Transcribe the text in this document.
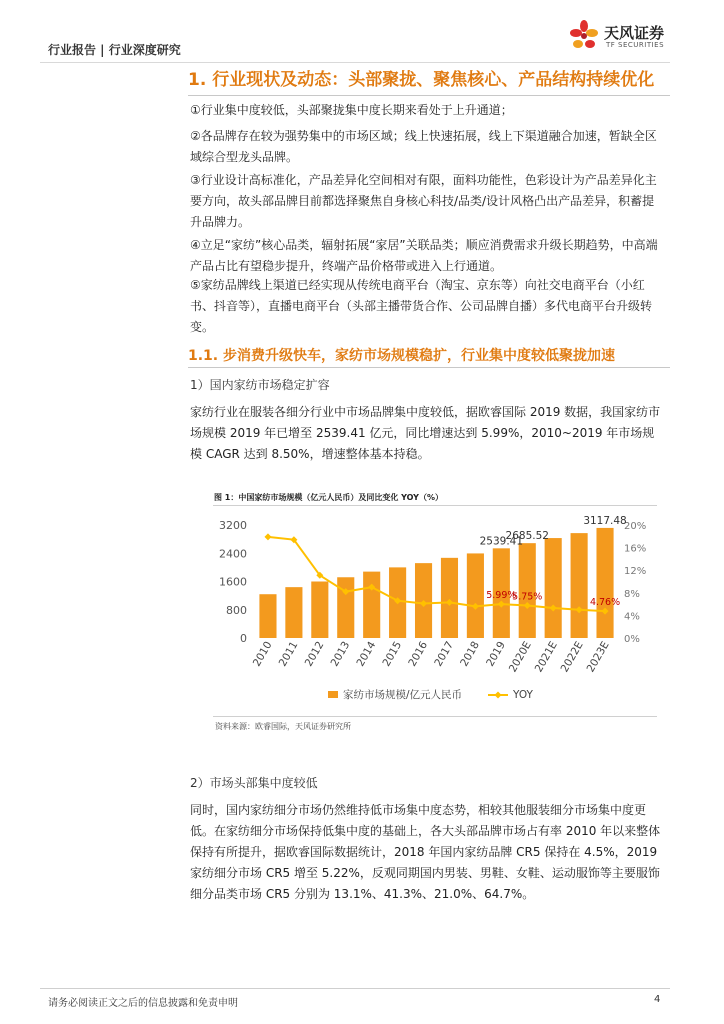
行业报告 | 行业深度研究
天风证券
TF SECURITIES
1. 行业现状及动态：头部聚拢、聚焦核心、产品结构持续优化

①行业集中度较低，头部聚拢集中度长期来看处于上升通道；

②各品牌存在较为强势集中的市场区域；线上快速拓展，线上下渠道融合加速，暂缺全区域综合型龙头品牌。

③行业设计高标准化，产品差异化空间相对有限，面料功能性，色彩设计为产品差异化主要方向，故头部品牌目前都选择聚焦自身核心科技/品类/设计风格凸出产品差异，积蓄提升品牌力。

④立足“家纺”核心品类，辐射拓展“家居”关联品类；顺应消费需求升级长期趋势，中高端产品占比有望稳步提升，终端产品价格带或进入上行通道。

⑤家纺品牌线上渠道已经实现从传统电商平台（淘宝、京东等）向社交电商平台（小红书、抖音等），直播电商平台（头部主播带货合作、公司品牌自播）多代电商平台升级转变。

1.1. 步消费升级快车，家纺市场规模稳扩，行业集中度较低聚拢加速

1）国内家纺市场稳定扩容

家纺行业在服装各细分行业中市场品牌集中度较低，据欧睿国际 2019 数据，我国家纺市场规模 2019 年已增至 2539.41 亿元，同比增速达到 5.99%，2010~2019 年市场规模 CAGR 达到 8.50%，增速整体基本持稳。

图 1：中国家纺市场规模（亿元人民币）及同比变化 YOY（%）
0
800
1600
2400
3200
0%
4%
8%
12%
16%
20%
2010 2011 2012 2013 2014 2015 2016 2017 2018 2019
2020E
2021E
2022E
2023E
2539.41
5.99%
2685.52
5.75%
3117.48
4.76%
家纺市场规模/亿元人民币	YOY
资料来源：欧睿国际，天风证券研究所

2）市场头部集中度较低

同时，国内家纺细分市场仍然维持低市场集中度态势，相较其他服装细分市场集中度更低。在家纺细分市场保持低集中度的基础上，各大头部品牌市场占有率 2010 年以来整体保持有所提升，据欧睿国际数据统计，2018 年国内家纺品牌 CR5 保持在 4.5%，2019 家纺细分市场 CR5 增至 5.22%，反观同期国内男装、男鞋、女鞋、运动服饰等主要服饰细分品类市场 CR5 分别为 13.1%、41.3%、21.0%、64.7%。

请务必阅读正文之后的信息披露和免责申明	4
